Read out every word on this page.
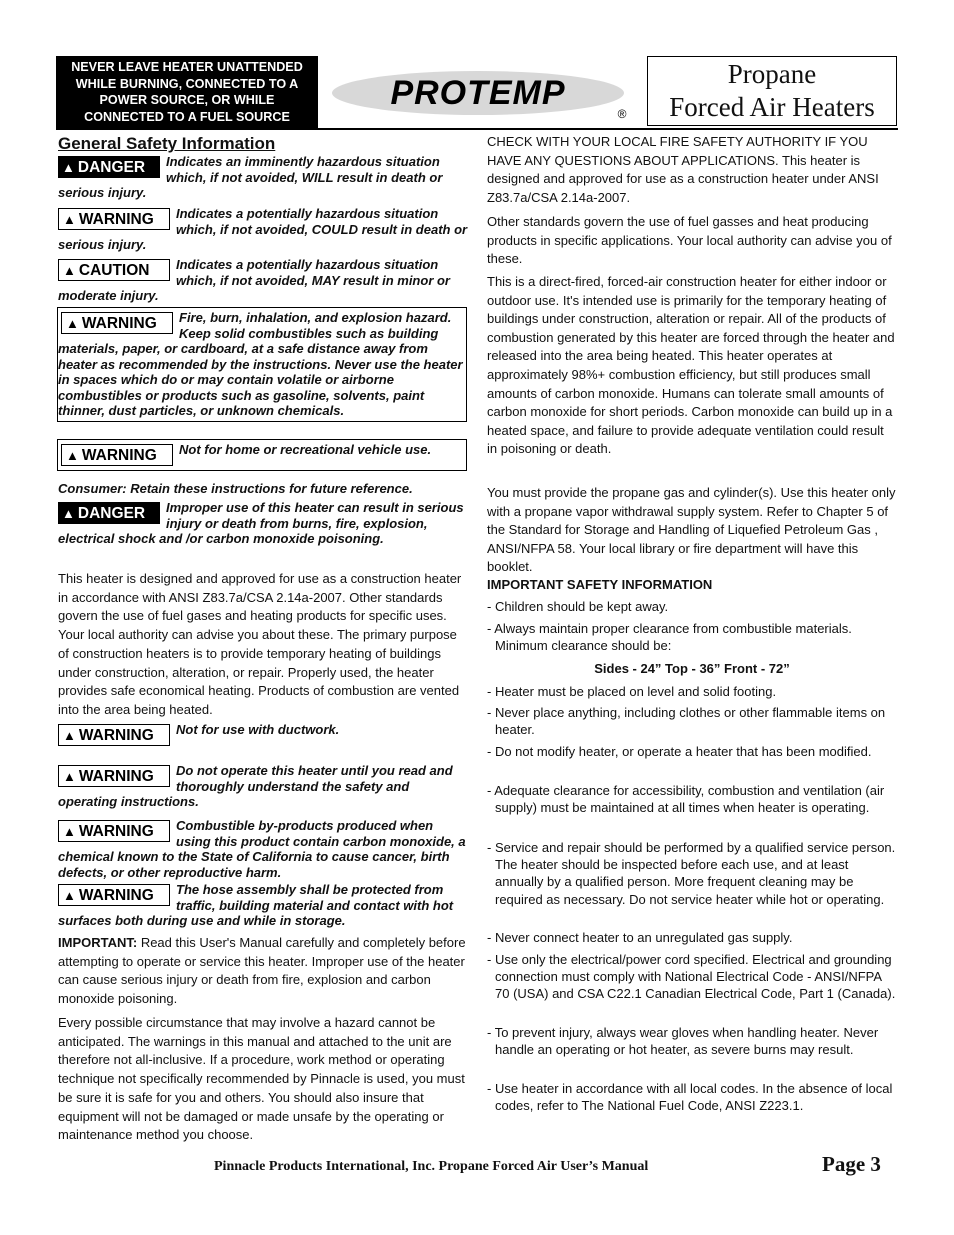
NEVER LEAVE HEATER UNATTENDED
WHILE BURNING, CONNECTED TO A
POWER SOURCE, OR WHILE
CONNECTED TO A FUEL SOURCE
PROTEMP
®
Propane
Forced Air Heaters
General Safety Information
▲ DANGER Indicates an imminently hazardous situation which, if not avoided, WILL result in death or serious injury.
▲ WARNING Indicates a potentially hazardous situation which, if not avoided, COULD result in death or serious injury.
▲ CAUTION Indicates a potentially hazardous situation which, if not avoided, MAY result in minor or moderate injury.
▲ WARNING Fire, burn, inhalation, and explosion hazard. Keep solid combustibles such as building materials, paper, or cardboard, at a safe distance away from heater as recommended by the instructions. Never use the heater in spaces which do or may contain volatile or airborne combustibles or products such as gasoline, solvents, paint thinner, dust particles, or unknown chemicals.
▲ WARNING Not for home or recreational vehicle use.
Consumer: Retain these instructions for future reference.
▲ DANGER Improper use of this heater can result in serious injury or death from burns, fire, explosion, electrical shock and /or carbon monoxide poisoning.
This heater is designed and approved for use as a construction heater in accordance with ANSI Z83.7a/CSA 2.14a-2007. Other standards govern the use of fuel gases and heating products for specific uses. Your local authority can advise you about these. The primary purpose of construction heaters is to provide temporary heating of buildings under construction, alteration, or repair. Properly used, the heater provides safe economical heating. Products of combustion are vented into the area being heated.
▲ WARNING Not for use with ductwork.
▲ WARNING Do not operate this heater until you read and thoroughly understand the safety and operating instructions.
▲ WARNING Combustible by-products produced when using this product contain carbon monoxide, a chemical known to the State of California to cause cancer, birth defects, or other reproductive harm.
▲ WARNING The hose assembly shall be protected from traffic, building material and contact with hot surfaces both during use and while in storage.
IMPORTANT: Read this User's Manual carefully and completely before attempting to operate or service this heater. Improper use of the heater can cause serious injury or death from fire, explosion and carbon monoxide poisoning.
Every possible circumstance that may involve a hazard cannot be anticipated. The warnings in this manual and attached to the unit are therefore not all-inclusive. If a procedure, work method or operating technique not specifically recommended by Pinnacle is used, you must be sure it is safe for you and others. You should also insure that equipment will not be damaged or made unsafe by the operating or maintenance method you choose.
CHECK WITH YOUR LOCAL FIRE SAFETY AUTHORITY IF YOU HAVE ANY QUESTIONS ABOUT APPLICATIONS. This heater is designed and approved for use as a construction heater under ANSI Z83.7a/CSA 2.14a-2007.
Other standards govern the use of fuel gasses and heat producing products in specific applications. Your local authority can advise you of these.
This is a direct-fired, forced-air construction heater for either indoor or outdoor use. It's intended use is primarily for the temporary heating of buildings under construction, alteration or repair. All of the products of combustion generated by this heater are forced through the heater and released into the area being heated. This heater operates at approximately 98%+ combustion efficiency, but still produces small amounts of carbon monoxide. Humans can tolerate small amounts of carbon monoxide for short periods. Carbon monoxide can build up in a heated space, and failure to provide adequate ventilation could result in poisoning or death.
You must provide the propane gas and cylinder(s). Use this heater only with a propane vapor withdrawal supply system. Refer to Chapter 5 of the Standard for Storage and Handling of Liquefied Petroleum Gas , ANSI/NFPA 58. Your local library or fire department will have this booklet.
IMPORTANT SAFETY INFORMATION
- Children should be kept away.
- Always maintain proper clearance from combustible materials. Minimum clearance should be:
Sides - 24” Top - 36” Front - 72”
- Heater must be placed on level and solid footing.
- Never place anything, including clothes or other flammable items on heater.
- Do not modify heater, or operate a heater that has been modified.
- Adequate clearance for accessibility, combustion and ventilation (air supply) must be maintained at all times when heater is operating.
- Service and repair should be performed by a qualified service person. The heater should be inspected before each use, and at least annually by a qualified person. More frequent cleaning may be required as necessary. Do not service heater while hot or operating.
- Never connect heater to an unregulated gas supply.
- Use only the electrical/power cord specified. Electrical and grounding connection must comply with National Electrical Code - ANSI/NFPA 70 (USA) and CSA C22.1 Canadian Electrical Code, Part 1 (Canada).
- To prevent injury, always wear gloves when handling heater. Never handle an operating or hot heater, as severe burns may result.
- Use heater in accordance with all local codes. In the absence of local codes, refer to The National Fuel Code, ANSI Z223.1.
Pinnacle Products International, Inc. Propane Forced Air User’s Manual	Page 3
